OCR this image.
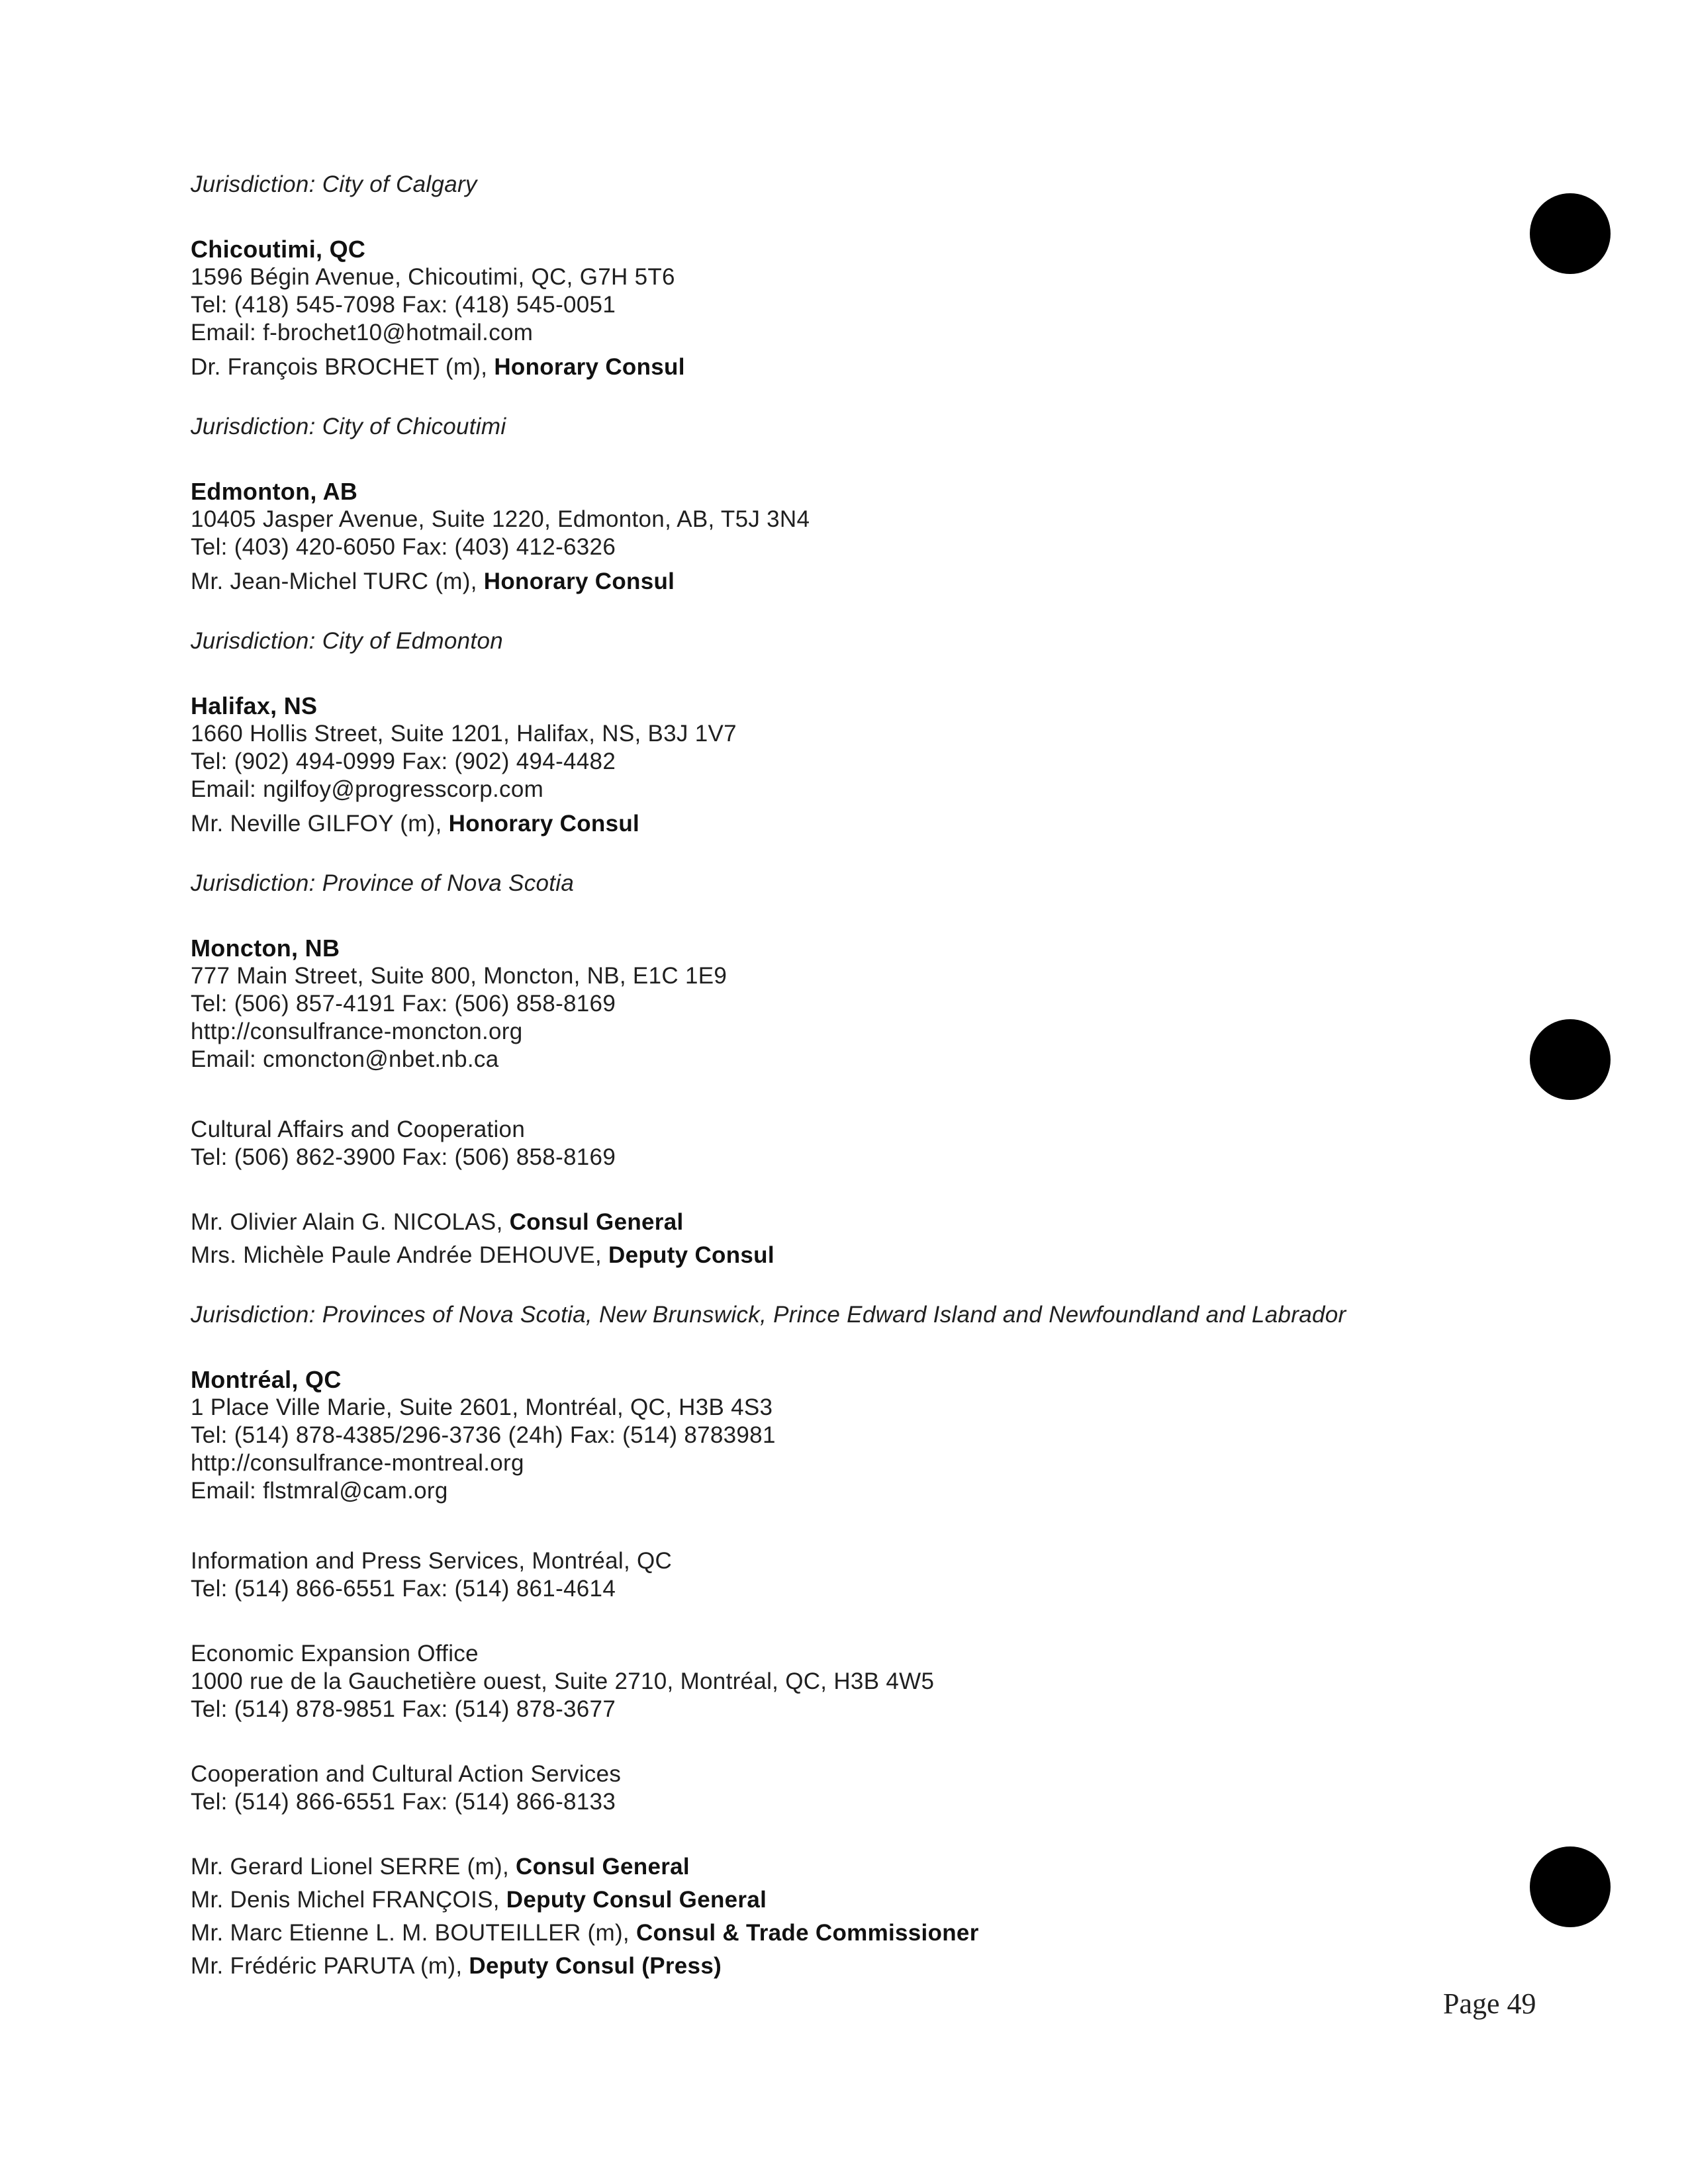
Jurisdiction: City of Calgary
Chicoutimi, QC
1596 Bégin Avenue, Chicoutimi, QC, G7H 5T6
Tel: (418) 545-7098 Fax: (418) 545-0051
Email: f-brochet10@hotmail.com
Dr. François BROCHET (m), Honorary Consul
Jurisdiction: City of Chicoutimi
Edmonton, AB
10405 Jasper Avenue, Suite 1220, Edmonton, AB, T5J 3N4
Tel: (403) 420-6050 Fax: (403) 412-6326
Mr. Jean-Michel TURC (m), Honorary Consul
Jurisdiction: City of Edmonton
Halifax, NS
1660 Hollis Street, Suite 1201, Halifax, NS, B3J 1V7
Tel: (902) 494-0999 Fax: (902) 494-4482
Email: ngilfoy@progresscorp.com
Mr. Neville GILFOY (m), Honorary Consul
Jurisdiction: Province of Nova Scotia
Moncton, NB
777 Main Street, Suite 800, Moncton, NB, E1C 1E9
Tel: (506) 857-4191 Fax: (506) 858-8169
http://consulfrance-moncton.org
Email: cmoncton@nbet.nb.ca
Cultural Affairs and Cooperation
Tel: (506) 862-3900 Fax: (506) 858-8169
Mr. Olivier Alain G. NICOLAS, Consul General
Mrs. Michèle Paule Andrée DEHOUVE, Deputy Consul
Jurisdiction: Provinces of Nova Scotia, New Brunswick, Prince Edward Island and Newfoundland and Labrador
Montréal, QC
1 Place Ville Marie, Suite 2601, Montréal, QC, H3B 4S3
Tel: (514) 878-4385/296-3736 (24h) Fax: (514) 8783981
http://consulfrance-montreal.org
Email: flstmral@cam.org
Information and Press Services, Montréal, QC
Tel: (514) 866-6551 Fax: (514) 861-4614
Economic Expansion Office
1000 rue de la Gauchetière ouest, Suite 2710, Montréal, QC, H3B 4W5
Tel: (514) 878-9851 Fax: (514) 878-3677
Cooperation and Cultural Action Services
Tel: (514) 866-6551 Fax: (514) 866-8133
Mr. Gerard Lionel SERRE (m), Consul General
Mr. Denis Michel FRANÇOIS, Deputy Consul General
Mr. Marc Etienne L. M. BOUTEILLER (m), Consul & Trade Commissioner
Mr. Frédéric PARUTA (m), Deputy Consul (Press)
Page 49
